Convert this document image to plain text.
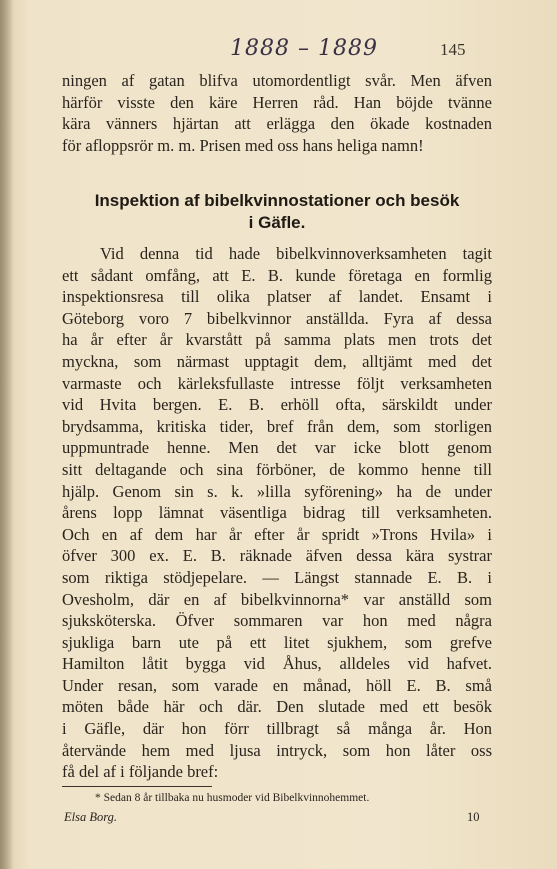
1888 – 1889	145
ningen af gatan blifva utomordentligt svår. Men äfven
härför visste den käre Herren råd. Han böjde tvänne
kära vänners hjärtan att erlägga den ökade kostnaden
för afloppsrör m. m. Prisen med oss hans heliga namn!
Inspektion af bibelkvinnostationer och besök
i Gäfle.
Vid denna tid hade bibelkvinnoverksamheten tagit
ett sådant omfång, att E. B. kunde företaga en formlig
inspektionsresa till olika platser af landet. Ensamt i
Göteborg voro 7 bibelkvinnor anställda. Fyra af dessa
ha år efter år kvarstått på samma plats men trots det
myckna, som närmast upptagit dem, alltjämt med det
varmaste och kärleksfullaste intresse följt verksamheten
vid Hvita bergen. E. B. erhöll ofta, särskildt under
brydsamma, kritiska tider, bref från dem, som storligen
uppmuntrade henne. Men det var icke blott genom
sitt deltagande och sina förböner, de kommo henne till
hjälp. Genom sin s. k. »lilla syförening» ha de under
årens lopp lämnat väsentliga bidrag till verksamheten.
Och en af dem har år efter år spridt »Trons Hvila» i
öfver 300 ex. E. B. räknade äfven dessa kära systrar
som riktiga stödjepelare. — Längst stannade E. B. i
Ovesholm, där en af bibelkvinnorna* var anställd som
sjuksköterska. Öfver sommaren var hon med några
sjukliga barn ute på ett litet sjukhem, som grefve
Hamilton låtit bygga vid Åhus, alldeles vid hafvet.
Under resan, som varade en månad, höll E. B. små
möten både här och där. Den slutade med ett besök
i Gäfle, där hon förr tillbragt så många år. Hon
återvände hem med ljusa intryck, som hon låter oss
få del af i följande bref:
* Sedan 8 år tillbaka nu husmoder vid Bibelkvinnohemmet.
Elsa Borg.	10
